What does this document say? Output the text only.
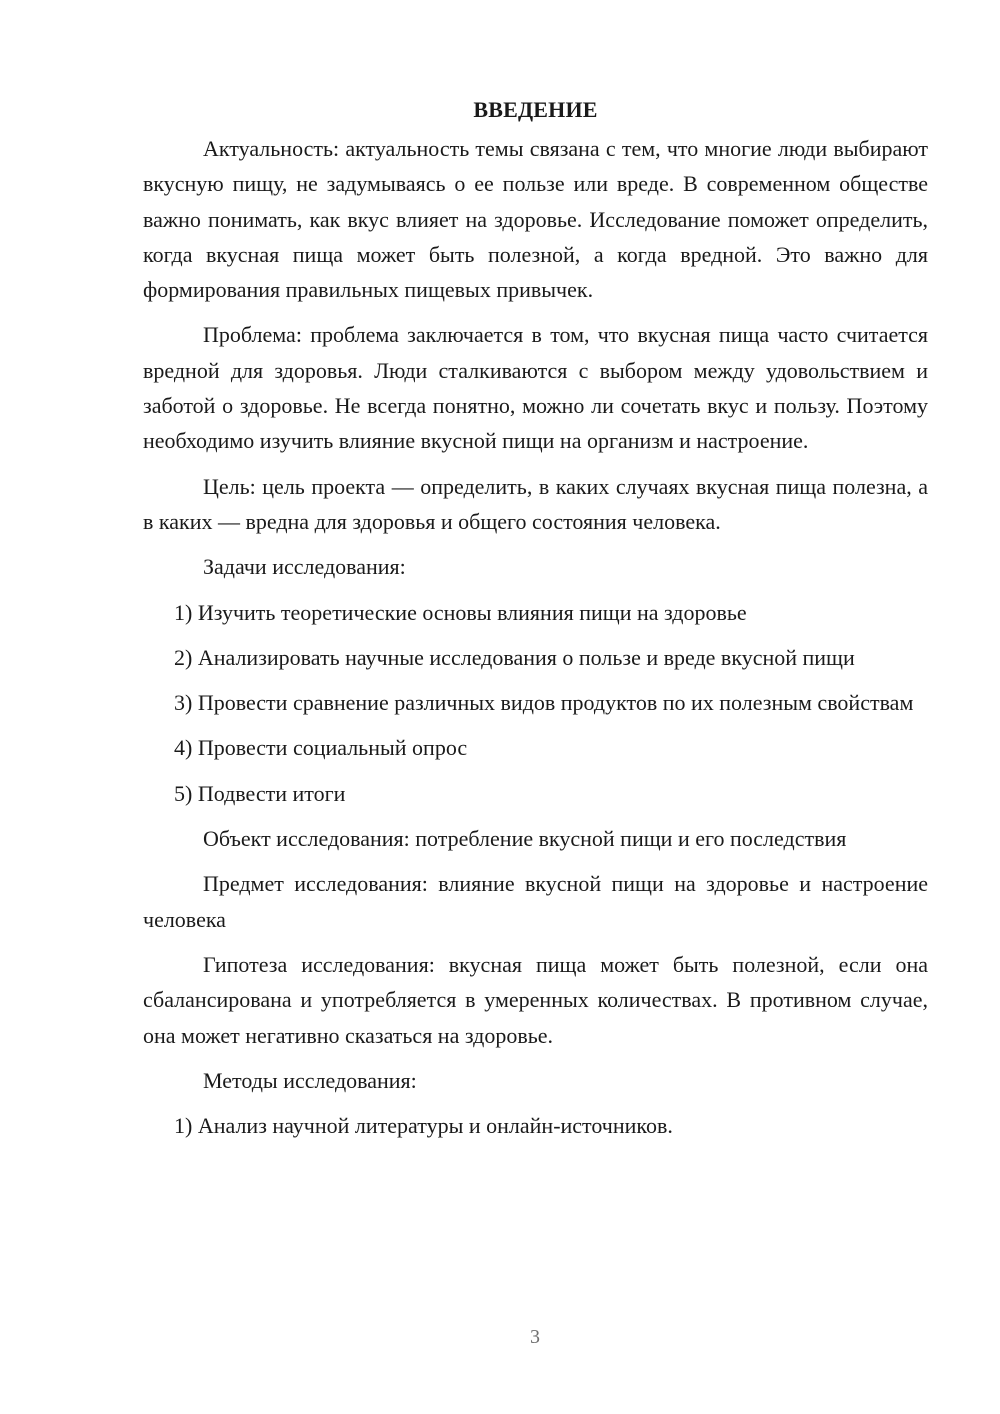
ВВЕДЕНИЕ

Актуальность: актуальность темы связана с тем, что многие люди выбирают вкусную пищу, не задумываясь о ее пользе или вреде. В современном обществе важно понимать, как вкус влияет на здоровье. Исследование поможет определить, когда вкусная пища может быть полезной, а когда вредной. Это важно для формирования правильных пищевых привычек.

Проблема: проблема заключается в том, что вкусная пища часто считается вредной для здоровья. Люди сталкиваются с выбором между удовольствием и заботой о здоровье. Не всегда понятно, можно ли сочетать вкус и пользу. Поэтому необходимо изучить влияние вкусной пищи на организм и настроение.

Цель: цель проекта — определить, в каких случаях вкусная пища полезна, а в каких — вредна для здоровья и общего состояния человека.

Задачи исследования:

1) Изучить теоретические основы влияния пищи на здоровье

2) Анализировать научные исследования о пользе и вреде вкусной пищи

3) Провести сравнение различных видов продуктов по их полезным свойствам

4) Провести социальный опрос

5) Подвести итоги

Объект исследования: потребление вкусной пищи и его последствия

Предмет исследования: влияние вкусной пищи на здоровье и настроение человека

Гипотеза исследования: вкусная пища может быть полезной, если она сбалансирована и употребляется в умеренных количествах. В противном случае, она может негативно сказаться на здоровье.

Методы исследования:

1) Анализ научной литературы и онлайн-источников.

3
